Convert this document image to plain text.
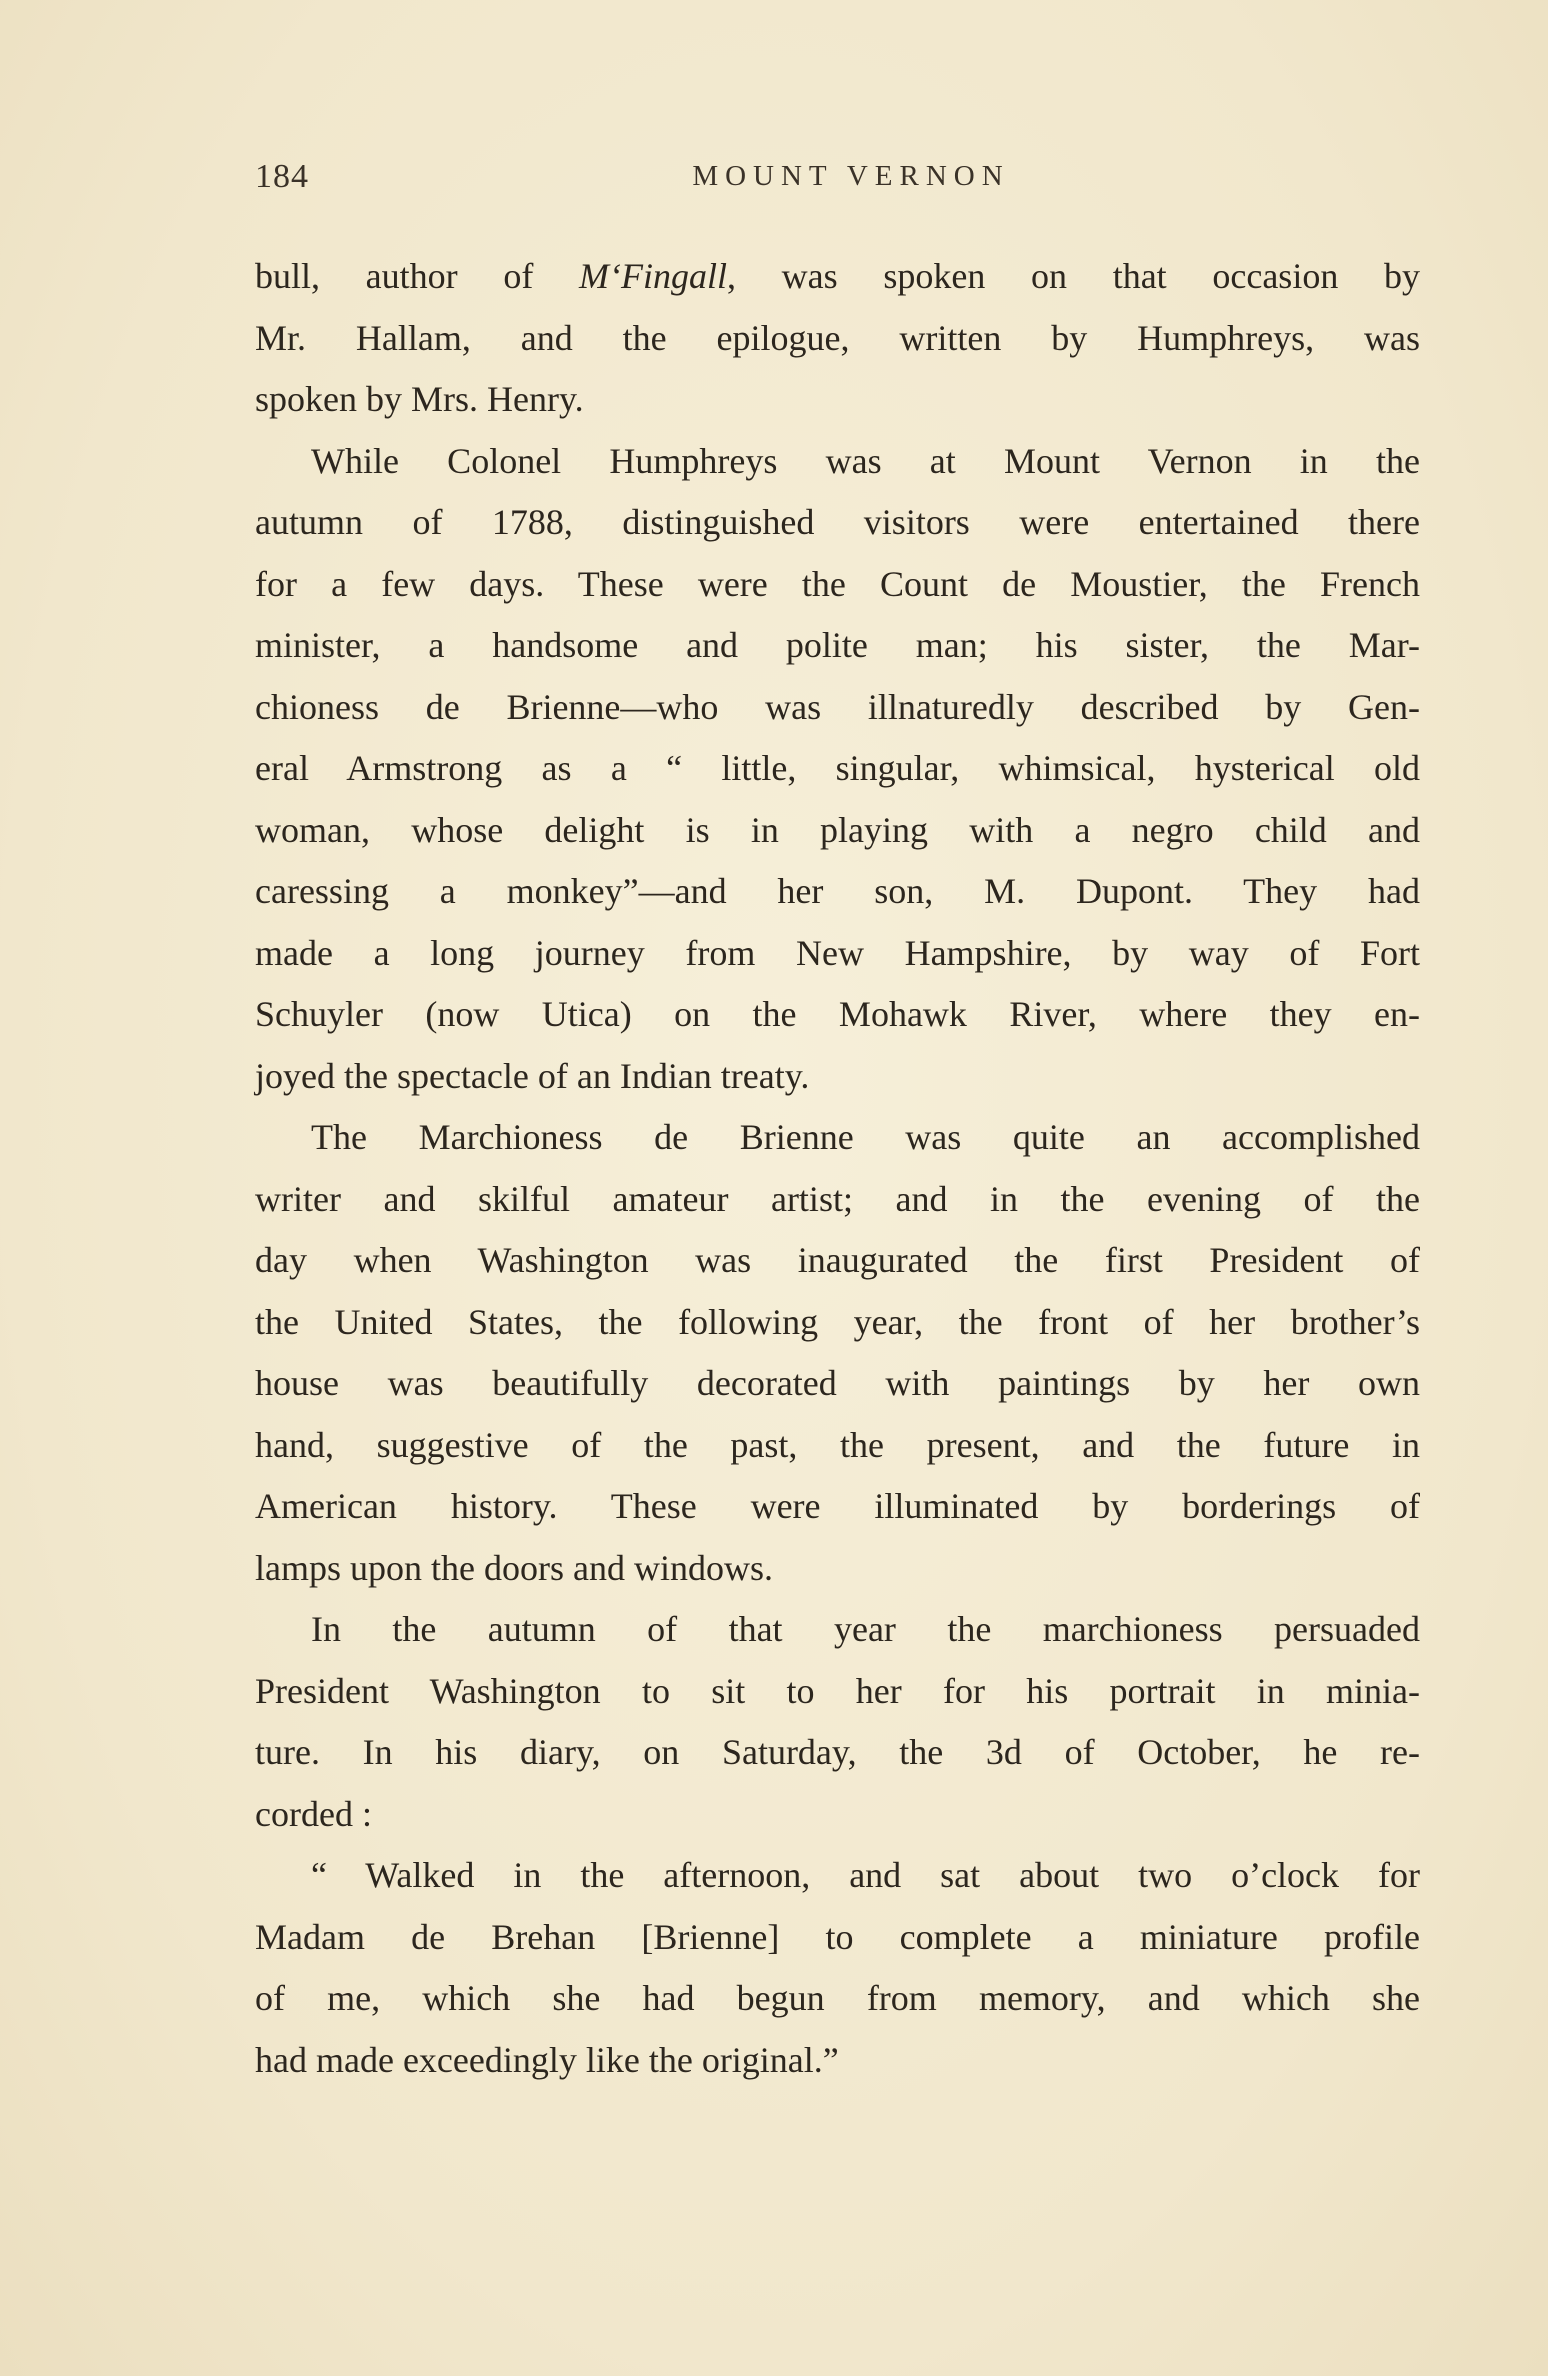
184	MOUNT VERNON
bull, author of M‘Fingall, was spoken on that occasion by
Mr. Hallam, and the epilogue, written by Humphreys, was
spoken by Mrs. Henry.
While Colonel Humphreys was at Mount Vernon in the
autumn of 1788, distinguished visitors were entertained there
for a few days. These were the Count de Moustier, the French
minister, a handsome and polite man; his sister, the Mar-
chioness de Brienne—who was illnaturedly described by Gen-
eral Armstrong as a “ little, singular, whimsical, hysterical old
woman, whose delight is in playing with a negro child and
caressing a monkey”—and her son, M. Dupont. They had
made a long journey from New Hampshire, by way of Fort
Schuyler (now Utica) on the Mohawk River, where they en-
joyed the spectacle of an Indian treaty.
The Marchioness de Brienne was quite an accomplished
writer and skilful amateur artist; and in the evening of the
day when Washington was inaugurated the first President of
the United States, the following year, the front of her brother’s
house was beautifully decorated with paintings by her own
hand, suggestive of the past, the present, and the future in
American history. These were illuminated by borderings of
lamps upon the doors and windows.
In the autumn of that year the marchioness persuaded
President Washington to sit to her for his portrait in minia-
ture. In his diary, on Saturday, the 3d of October, he re-
corded :
“ Walked in the afternoon, and sat about two o’clock for
Madam de Brehan [Brienne] to complete a miniature profile
of me, which she had begun from memory, and which she
had made exceedingly like the original.”
